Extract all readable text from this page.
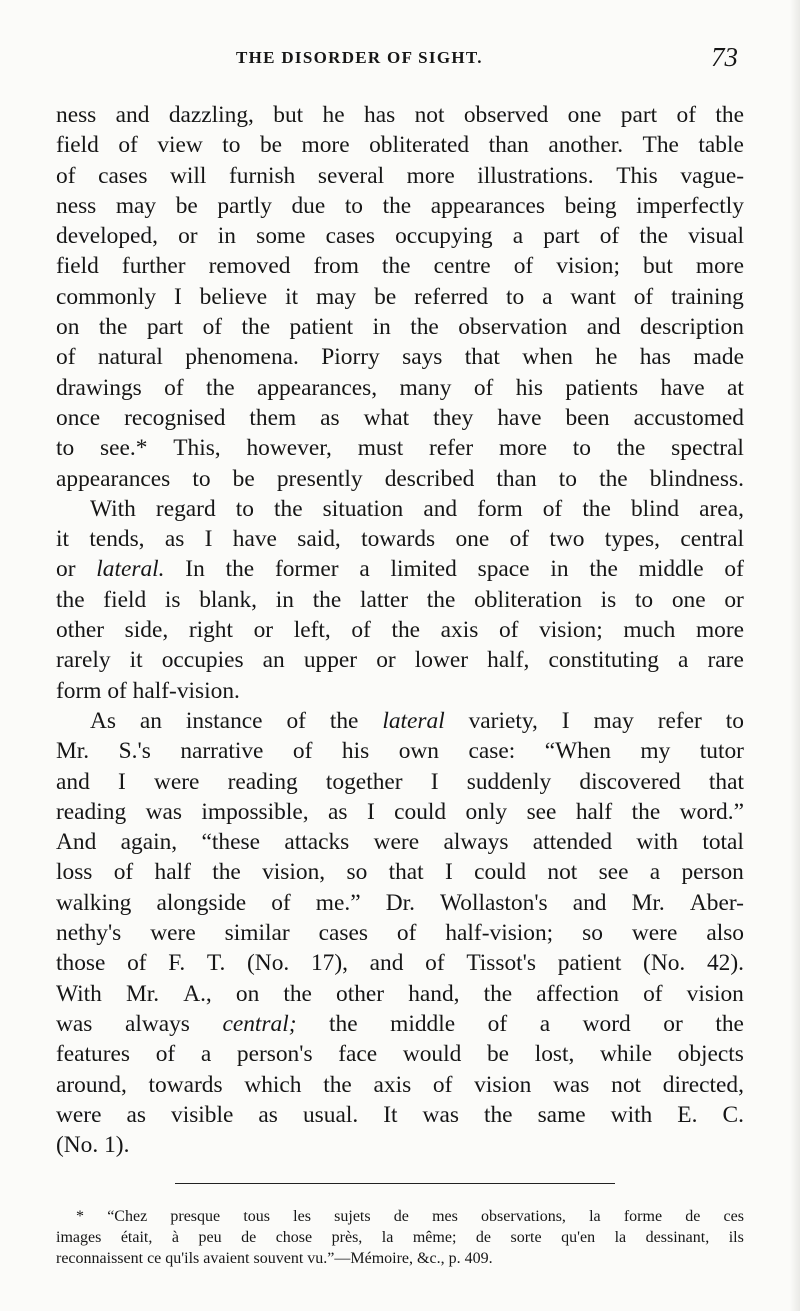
THE DISORDER OF SIGHT.	73
ness and dazzling, but he has not observed one part of the
field of view to be more obliterated than another. The table
of cases will furnish several more illustrations. This vague-
ness may be partly due to the appearances being imperfectly
developed, or in some cases occupying a part of the visual
field further removed from the centre of vision; but more
commonly I believe it may be referred to a want of training
on the part of the patient in the observation and description
of natural phenomena. Piorry says that when he has made
drawings of the appearances, many of his patients have at
once recognised them as what they have been accustomed
to see.* This, however, must refer more to the spectral
appearances to be presently described than to the blindness.
With regard to the situation and form of the blind area,
it tends, as I have said, towards one of two types, central
or lateral. In the former a limited space in the middle of
the field is blank, in the latter the obliteration is to one or
other side, right or left, of the axis of vision; much more
rarely it occupies an upper or lower half, constituting a rare
form of half-vision.
As an instance of the lateral variety, I may refer to
Mr. S.'s narrative of his own case: “When my tutor
and I were reading together I suddenly discovered that
reading was impossible, as I could only see half the word.”
And again, “these attacks were always attended with total
loss of half the vision, so that I could not see a person
walking alongside of me.” Dr. Wollaston's and Mr. Aber-
nethy's were similar cases of half-vision; so were also
those of F. T. (No. 17), and of Tissot's patient (No. 42).
With Mr. A., on the other hand, the affection of vision
was always central; the middle of a word or the
features of a person's face would be lost, while objects
around, towards which the axis of vision was not directed,
were as visible as usual. It was the same with E. C.
(No. 1).
* “Chez presque tous les sujets de mes observations, la forme de ces
images était, à peu de chose près, la même; de sorte qu'en la dessinant, ils
reconnaissent ce qu'ils avaient souvent vu.”—Mémoire, &c., p. 409.
